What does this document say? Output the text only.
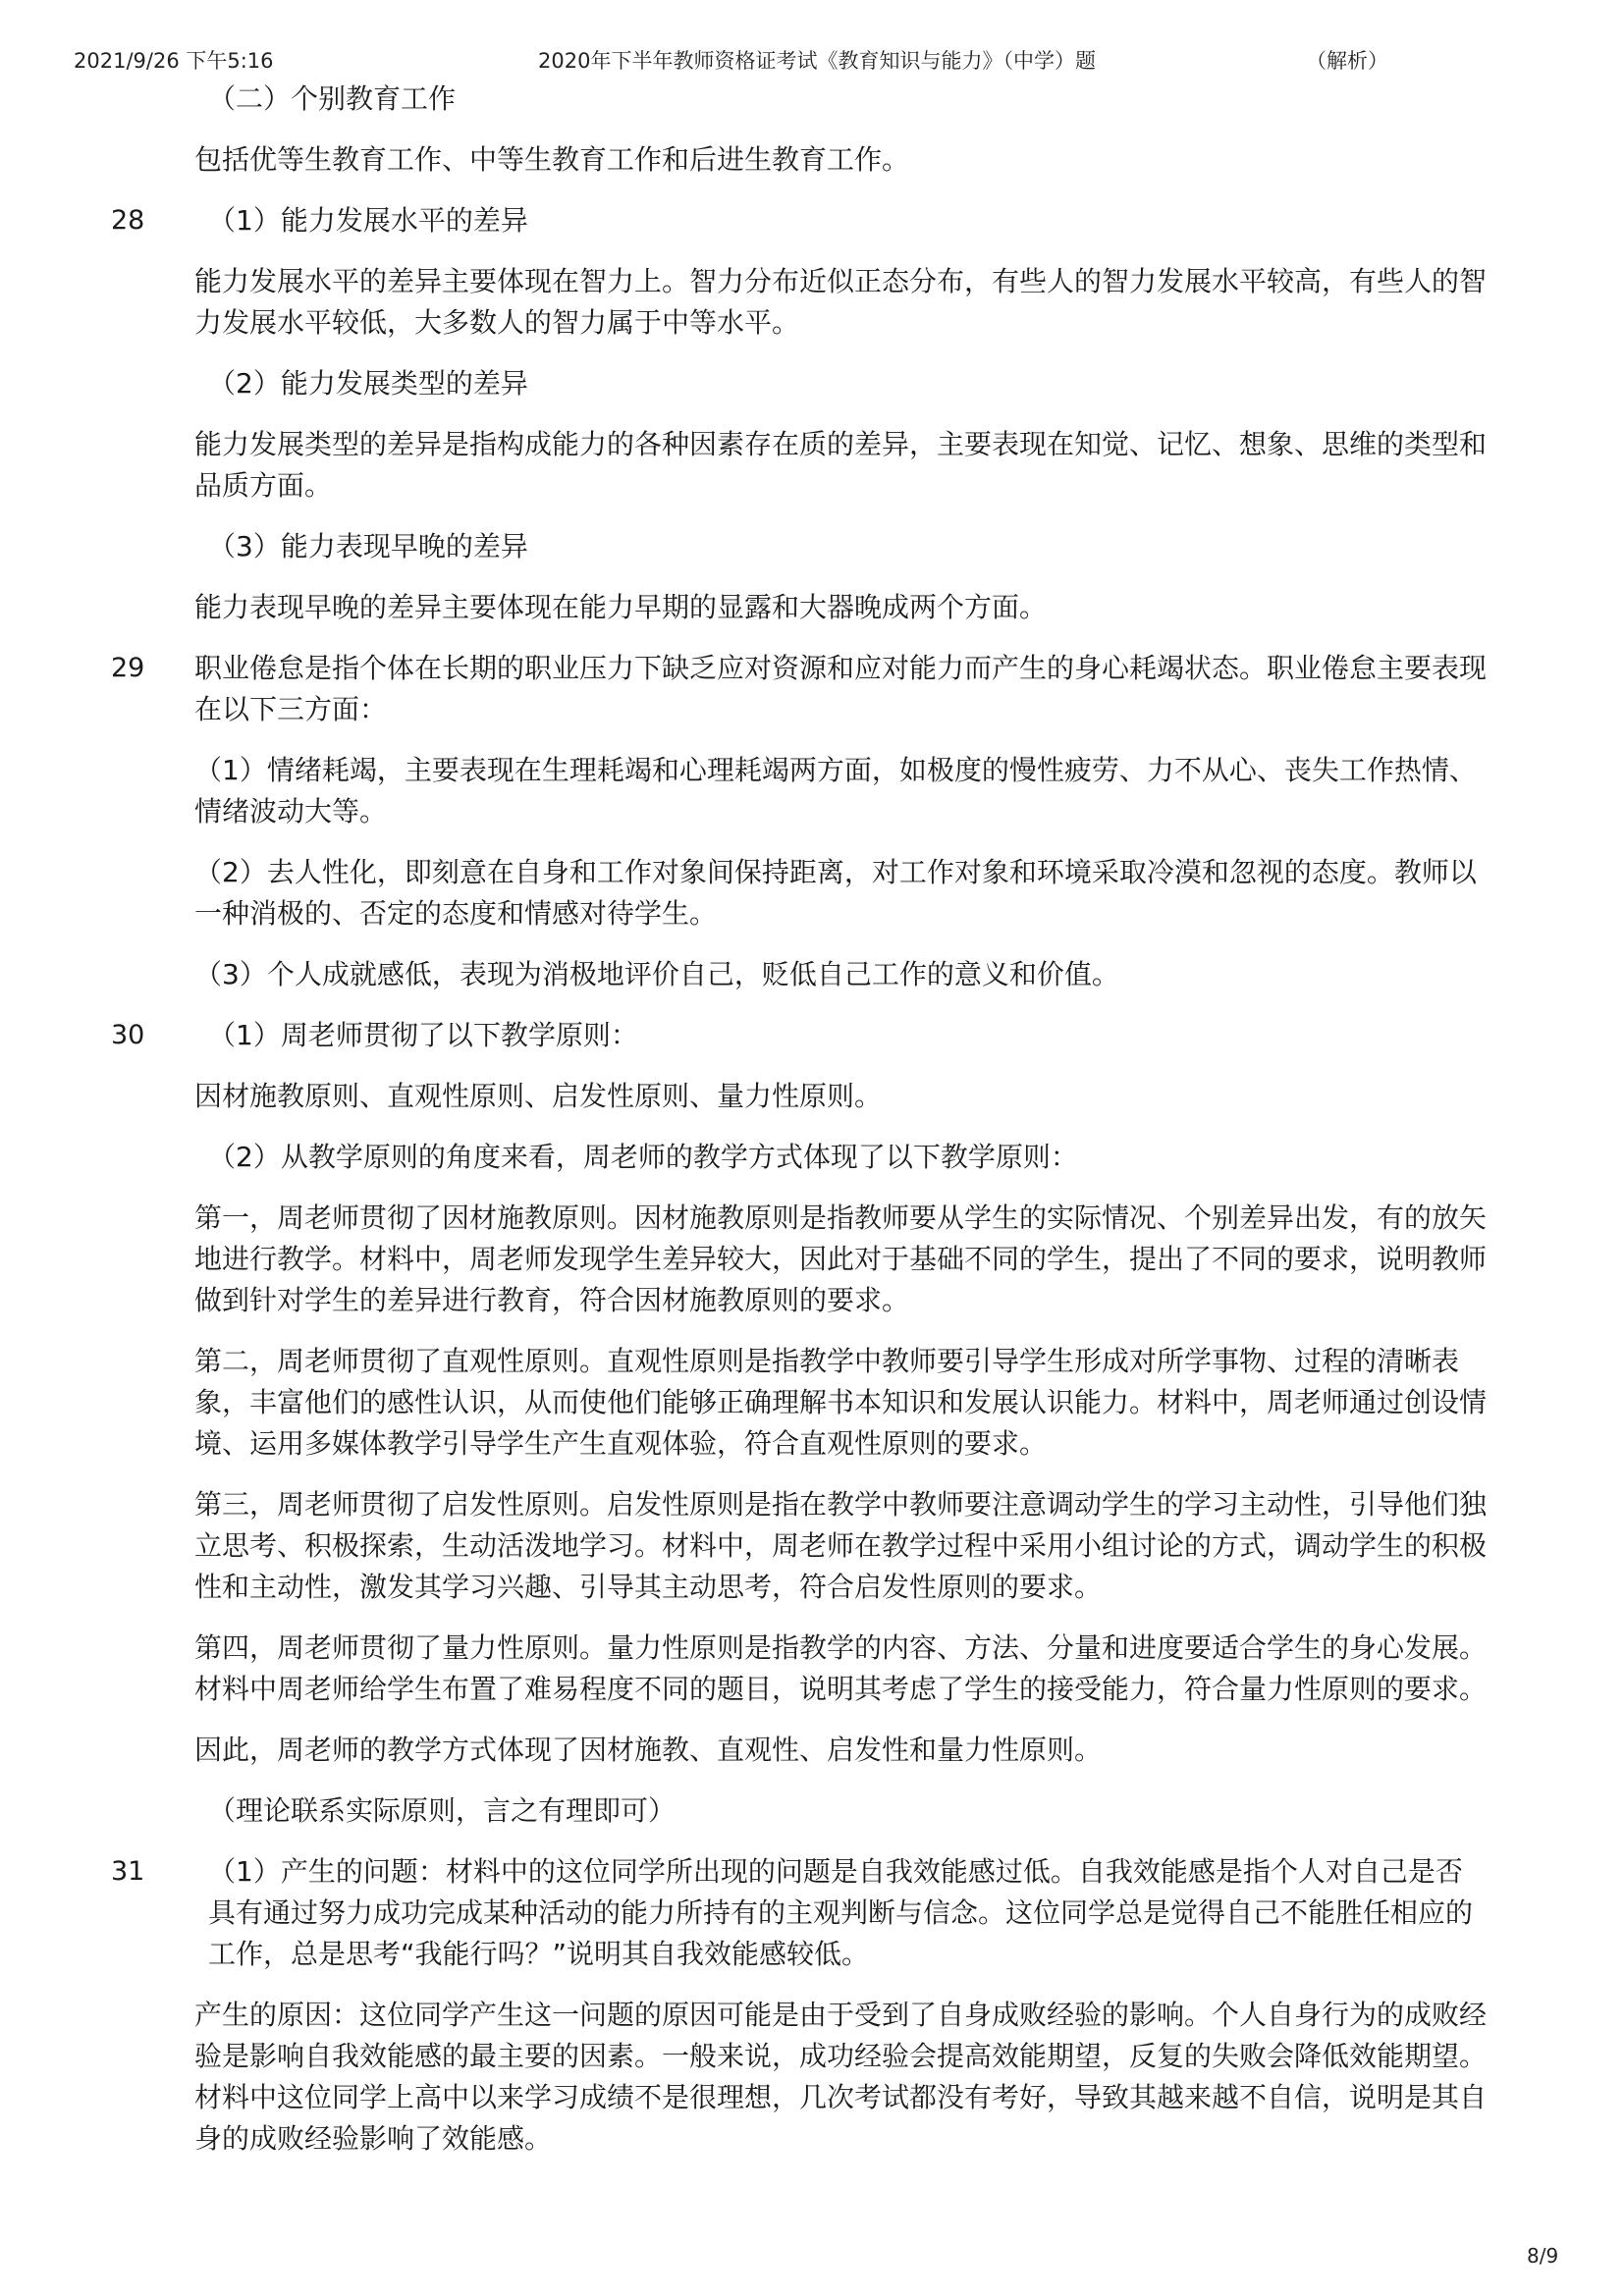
2021/9/26 下午5:16	2020年下半年教师资格证考试《教育知识与能力》（中学）题	（解析）
（二）个别教育工作
包括优等生教育工作、中等生教育工作和后进生教育工作。
28	（1）能力发展水平的差异
能力发展水平的差异主要体现在智力上。智力分布近似正态分布，有些人的智力发展水平较高，有些人的智力发展水平较低，大多数人的智力属于中等水平。
（2）能力发展类型的差异
能力发展类型的差异是指构成能力的各种因素存在质的差异，主要表现在知觉、记忆、想象、思维的类型和品质方面。
（3）能力表现早晚的差异
能力表现早晚的差异主要体现在能力早期的显露和大器晚成两个方面。
29 职业倦怠是指个体在长期的职业压力下缺乏应对资源和应对能力而产生的身心耗竭状态。职业倦怠主要表现在以下三方面：
（1）情绪耗竭，主要表现在生理耗竭和心理耗竭两方面，如极度的慢性疲劳、力不从心、丧失工作热情、情绪波动大等。
（2）去人性化，即刻意在自身和工作对象间保持距离，对工作对象和环境采取冷漠和忽视的态度。教师以一种消极的、否定的态度和情感对待学生。
（3）个人成就感低，表现为消极地评价自己，贬低自己工作的意义和价值。
30	（1）周老师贯彻了以下教学原则：
因材施教原则、直观性原则、启发性原则、量力性原则。
（2）从教学原则的角度来看，周老师的教学方式体现了以下教学原则：
第一，周老师贯彻了因材施教原则。因材施教原则是指教师要从学生的实际情况、个别差异出发，有的放矢地进行教学。材料中，周老师发现学生差异较大，因此对于基础不同的学生，提出了不同的要求，说明教师做到针对学生的差异进行教育，符合因材施教原则的要求。
第二，周老师贯彻了直观性原则。直观性原则是指教学中教师要引导学生形成对所学事物、过程的清晰表象，丰富他们的感性认识，从而使他们能够正确理解书本知识和发展认识能力。材料中，周老师通过创设情境、运用多媒体教学引导学生产生直观体验，符合直观性原则的要求。
第三，周老师贯彻了启发性原则。启发性原则是指在教学中教师要注意调动学生的学习主动性，引导他们独立思考、积极探索，生动活泼地学习。材料中，周老师在教学过程中采用小组讨论的方式，调动学生的积极性和主动性，激发其学习兴趣、引导其主动思考，符合启发性原则的要求。
第四，周老师贯彻了量力性原则。量力性原则是指教学的内容、方法、分量和进度要适合学生的身心发展。材料中周老师给学生布置了难易程度不同的题目，说明其考虑了学生的接受能力，符合量力性原则的要求。
因此，周老师的教学方式体现了因材施教、直观性、启发性和量力性原则。
（理论联系实际原则，言之有理即可）
31	（1）产生的问题：材料中的这位同学所出现的问题是自我效能感过低。自我效能感是指个人对自己是否具有通过努力成功完成某种活动的能力所持有的主观判断与信念。这位同学总是觉得自己不能胜任相应的工作，总是思考“我能行吗？”说明其自我效能感较低。
产生的原因：这位同学产生这一问题的原因可能是由于受到了自身成败经验的影响。个人自身行为的成败经验是影响自我效能感的最主要的因素。一般来说，成功经验会提高效能期望，反复的失败会降低效能期望。材料中这位同学上高中以来学习成绩不是很理想，几次考试都没有考好，导致其越来越不自信，说明是其自身的成败经验影响了效能感。
8/9
